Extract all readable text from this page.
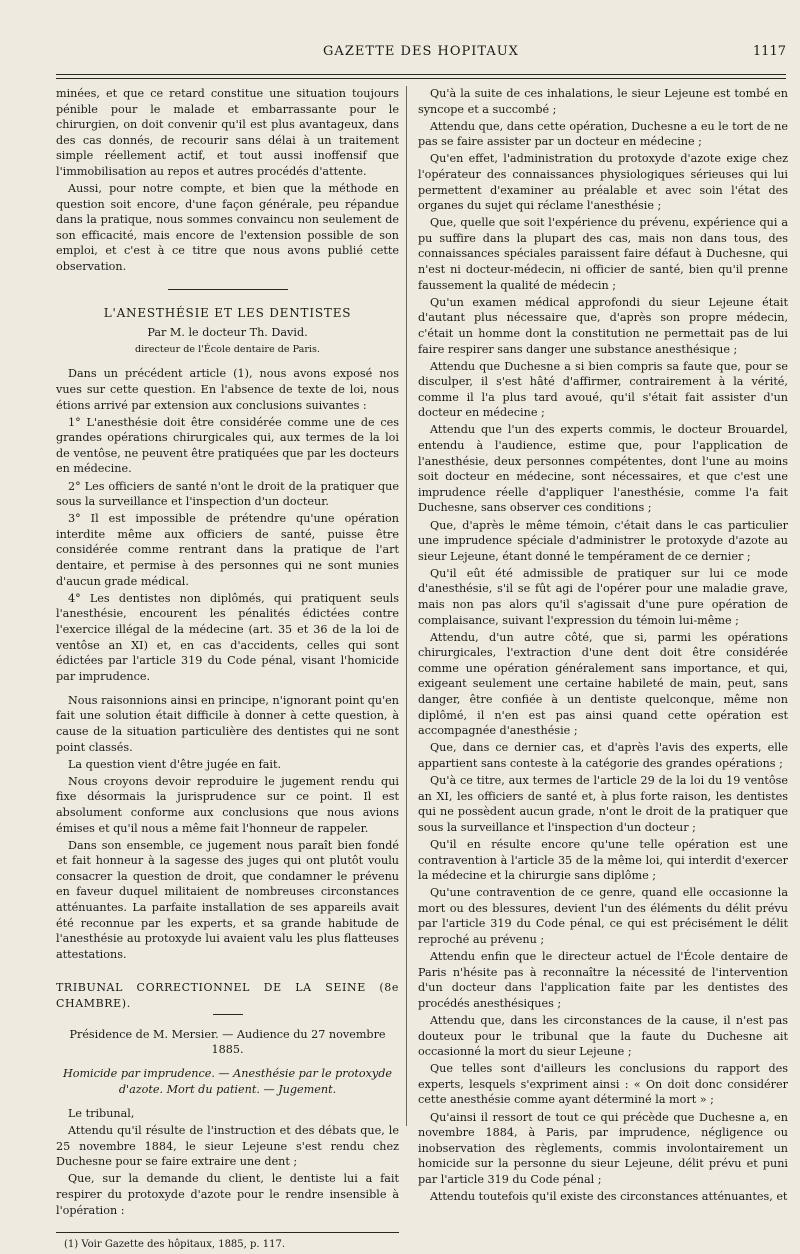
GAZETTE DES HOPITAUX	1117

minées, et que ce retard constitue une situation toujours pénible pour le malade et embarrassante pour le chirurgien, on doit convenir qu'il est plus avantageux, dans des cas donnés, de recourir sans délai à un traitement simple réellement actif, et tout aussi inoffensif que l'immobilisation au repos et autres procédés d'attente.

Aussi, pour notre compte, et bien que la méthode en question soit encore, d'une façon générale, peu répandue dans la pratique, nous sommes convaincu non seulement de son efficacité, mais encore de l'extension possible de son emploi, et c'est à ce titre que nous avons publié cette observation.

L'ANESTHÉSIE ET LES DENTISTES

Par M. le docteur Th. David.

directeur de l'École dentaire de Paris.

Dans un précédent article (1), nous avons exposé nos vues sur cette question. En l'absence de texte de loi, nous étions arrivé par extension aux conclusions suivantes :

1° L'anesthésie doit être considérée comme une de ces grandes opérations chirurgicales qui, aux termes de la loi de ventôse, ne peuvent être pratiquées que par les docteurs en médecine.

2° Les officiers de santé n'ont le droit de la pratiquer que sous la surveillance et l'inspection d'un docteur.

3° Il est impossible de prétendre qu'une opération interdite même aux officiers de santé, puisse être considérée comme rentrant dans la pratique de l'art dentaire, et permise à des personnes qui ne sont munies d'aucun grade médical.

4° Les dentistes non diplômés, qui pratiquent seuls l'anesthésie, encourent les pénalités édictées contre l'exercice illégal de la médecine (art. 35 et 36 de la loi de ventôse an XI) et, en cas d'accidents, celles qui sont édictées par l'article 319 du Code pénal, visant l'homicide par imprudence.

Nous raisonnions ainsi en principe, n'ignorant point qu'en fait une solution était difficile à donner à cette question, à cause de la situation particulière des dentistes qui ne sont point classés.

La question vient d'être jugée en fait.

Nous croyons devoir reproduire le jugement rendu qui fixe désormais la jurisprudence sur ce point. Il est absolument conforme aux conclusions que nous avions émises et qu'il nous a même fait l'honneur de rappeler.

Dans son ensemble, ce jugement nous paraît bien fondé et fait honneur à la sagesse des juges qui ont plutôt voulu consacrer la question de droit, que condamner le prévenu en faveur duquel militaient de nombreuses circonstances atténuantes. La parfaite installation de ses appareils avait été reconnue par les experts, et sa grande habitude de l'anesthésie au protoxyde lui avaient valu les plus flatteuses attestations.

TRIBUNAL CORRECTIONNEL DE LA SEINE (8e CHAMBRE).

Présidence de M. Mersier. — Audience du 27 novembre 1885.

Homicide par imprudence. — Anesthésie par le protoxyde d'azote. Mort du patient. — Jugement.

Le tribunal,

Attendu qu'il résulte de l'instruction et des débats que, le 25 novembre 1884, le sieur Lejeune s'est rendu chez Duchesne pour se faire extraire une dent ;

Que, sur la demande du client, le dentiste lui a fait respirer du protoxyde d'azote pour le rendre insensible à l'opération :

(1) Voir Gazette des hôpitaux, 1885, p. 117.

Qu'à la suite de ces inhalations, le sieur Lejeune est tombé en syncope et a succombé ;

Attendu que, dans cette opération, Duchesne a eu le tort de ne pas se faire assister par un docteur en médecine ;

Qu'en effet, l'administration du protoxyde d'azote exige chez l'opérateur des connaissances physiologiques sérieuses qui lui permettent d'examiner au préalable et avec soin l'état des organes du sujet qui réclame l'anesthésie ;

Que, quelle que soit l'expérience du prévenu, expérience qui a pu suffire dans la plupart des cas, mais non dans tous, des connaissances spéciales paraissent faire défaut à Duchesne, qui n'est ni docteur-médecin, ni officier de santé, bien qu'il prenne faussement la qualité de médecin ;

Qu'un examen médical approfondi du sieur Lejeune était d'autant plus nécessaire que, d'après son propre médecin, c'était un homme dont la constitution ne permettait pas de lui faire respirer sans danger une substance anesthésique ;

Attendu que Duchesne a si bien compris sa faute que, pour se disculper, il s'est hâté d'affirmer, contrairement à la vérité, comme il l'a plus tard avoué, qu'il s'était fait assister d'un docteur en médecine ;

Attendu que l'un des experts commis, le docteur Brouardel, entendu à l'audience, estime que, pour l'application de l'anesthésie, deux personnes compétentes, dont l'une au moins soit docteur en médecine, sont nécessaires, et que c'est une imprudence réelle d'appliquer l'anesthésie, comme l'a fait Duchesne, sans observer ces conditions ;

Que, d'après le même témoin, c'était dans le cas particulier une imprudence spéciale d'administrer le protoxyde d'azote au sieur Lejeune, étant donné le tempérament de ce dernier ;

Qu'il eût été admissible de pratiquer sur lui ce mode d'anesthésie, s'il se fût agi de l'opérer pour une maladie grave, mais non pas alors qu'il s'agissait d'une pure opération de complaisance, suivant l'expression du témoin lui-même ;

Attendu, d'un autre côté, que si, parmi les opérations chirurgicales, l'extraction d'une dent doit être considérée comme une opération généralement sans importance, et qui, exigeant seulement une certaine habileté de main, peut, sans danger, être confiée à un dentiste quelconque, même non diplômé, il n'en est pas ainsi quand cette opération est accompagnée d'anesthésie ;

Que, dans ce dernier cas, et d'après l'avis des experts, elle appartient sans conteste à la catégorie des grandes opérations ;

Qu'à ce titre, aux termes de l'article 29 de la loi du 19 ventôse an XI, les officiers de santé et, à plus forte raison, les dentistes qui ne possèdent aucun grade, n'ont le droit de la pratiquer que sous la surveillance et l'inspection d'un docteur ;

Qu'il en résulte encore qu'une telle opération est une contravention à l'article 35 de la même loi, qui interdit d'exercer la médecine et la chirurgie sans diplôme ;

Qu'une contravention de ce genre, quand elle occasionne la mort ou des blessures, devient l'un des éléments du délit prévu par l'article 319 du Code pénal, ce qui est précisément le délit reproché au prévenu ;

Attendu enfin que le directeur actuel de l'École dentaire de Paris n'hésite pas à reconnaître la nécessité de l'intervention d'un docteur dans l'application faite par les dentistes des procédés anesthésiques ;

Attendu que, dans les circonstances de la cause, il n'est pas douteux pour le tribunal que la faute du Duchesne ait occasionné la mort du sieur Lejeune ;

Que telles sont d'ailleurs les conclusions du rapport des experts, lesquels s'expriment ainsi : « On doit donc considérer cette anesthésie comme ayant déterminé la mort » ;

Qu'ainsi il ressort de tout ce qui précède que Duchesne a, en novembre 1884, à Paris, par imprudence, négligence ou inobservation des règlements, commis involontairement un homicide sur la personne du sieur Lejeune, délit prévu et puni par l'article 319 du Code pénal ;

Attendu toutefois qu'il existe des circonstances atténuantes, et
